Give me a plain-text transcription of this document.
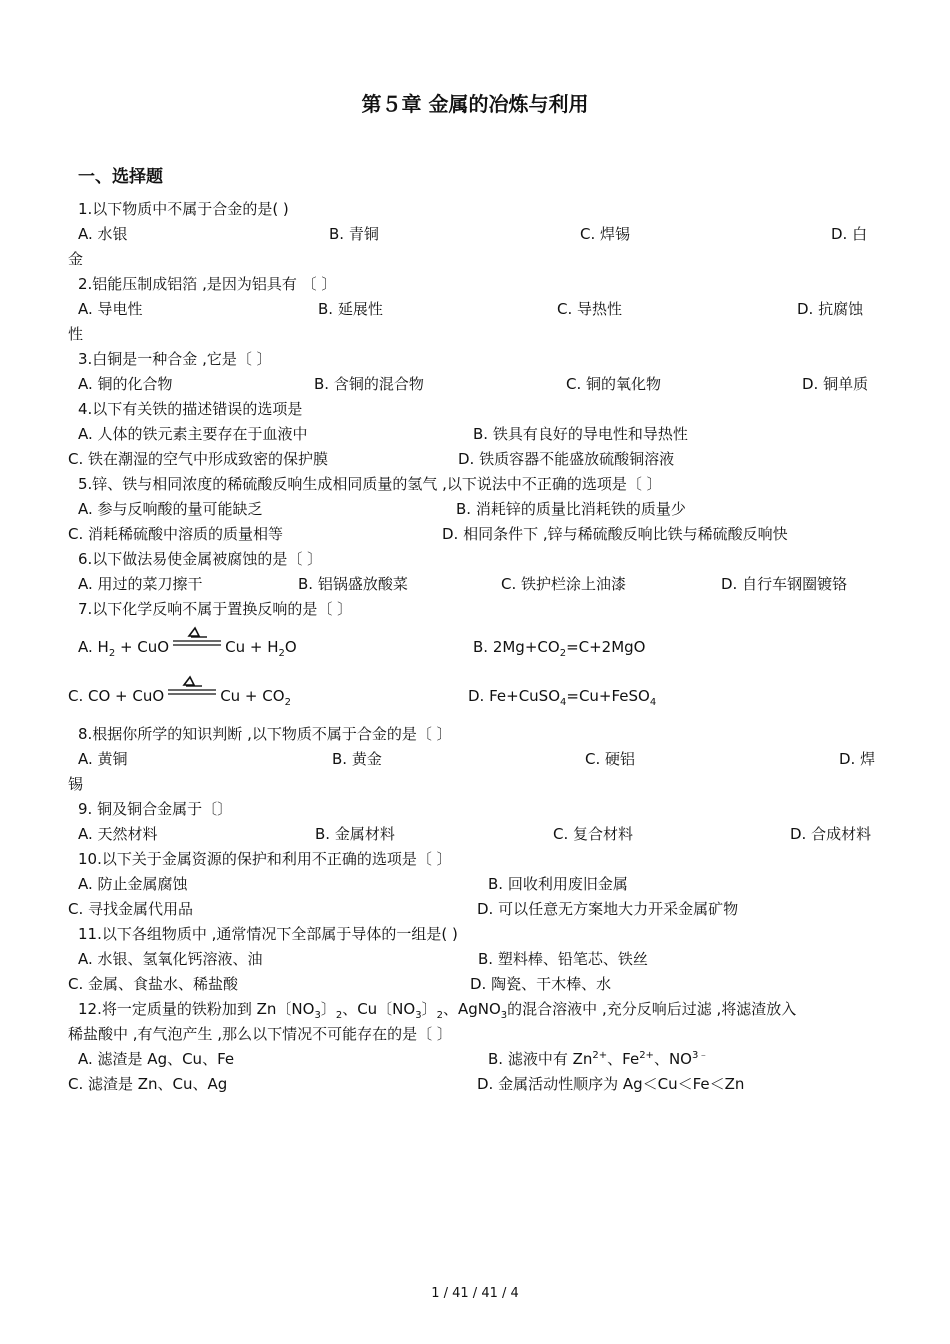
第５章 金属的冶炼与利用
一、选择题
1.以下物质中不属于合金的是( )
A. 水银	B. 青铜	C. 焊锡	D. 白
金
2.铝能压制成铝箔 ,是因为铝具有 〔 〕
A. 导电性	B. 延展性	C. 导热性	D. 抗腐蚀
性
3.白铜是一种合金 ,它是〔 〕
A. 铜的化合物	B. 含铜的混合物	C. 铜的氧化物	D. 铜单质
4.以下有关铁的描述错误的选项是
A. 人体的铁元素主要存在于血液中	B. 铁具有良好的导电性和导热性
C. 铁在潮湿的空气中形成致密的保护膜	D. 铁质容器不能盛放硫酸铜溶液
5.锌、铁与相同浓度的稀硫酸反响生成相同质量的氢气 ,以下说法中不正确的选项是〔 〕
A. 参与反响酸的量可能缺乏	B. 消耗锌的质量比消耗铁的质量少
C. 消耗稀硫酸中溶质的质量相等	D. 相同条件下 ,锌与稀硫酸反响比铁与稀硫酸反响快
6.以下做法易使金属被腐蚀的是〔 〕
A. 用过的菜刀擦干	B. 铝锅盛放酸菜	C. 铁护栏涂上油漆	D. 自行车钢圈镀铬
7.以下化学反响不属于置换反响的是〔 〕
A. $H_2$ + CuO	$Cu + H_2O$	B. $2Mg+CO_2=C+2MgO$
C. CO + CuO	$Cu + CO_2$	D. Fe+CuSO$_4$=Cu+FeSO$_4$
8.根据你所学的知识判断 ,以下物质不属于合金的是〔 〕
A. 黄铜	B. 黄金	C. 硬铝	D. 焊
锡
9. 铜及铜合金属于〔〕
A. 天然材料	B. 金属材料	C. 复合材料	D. 合成材料
10.以下关于金属资源的保护和利用不正确的选项是〔 〕
A. 防止金属腐蚀	B. 回收利用废旧金属
C. 寻找金属代用品	D. 可以任意无方案地大力开采金属矿物
11.以下各组物质中 ,通常情况下全部属于导体的一组是( )
A. 水银、氢氧化钙溶液、油	B. 塑料棒、铅笔芯、铁丝
C. 金属、食盐水、稀盐酸	D. 陶瓷、干木棒、水
12.将一定质量的铁粉加到 Zn〔$NO_3$〕$_2$、Cu〔$NO_3$〕$_2$、AgNO$_3$的混合溶液中 ,充分反响后过滤 ,将滤渣放入
稀盐酸中 ,有气泡产生 ,那么以下情况不可能存在的是〔 〕
A. 滤渣是 Ag、Cu、Fe	B. 滤液中有 $Zn^{2+}$、$Fe^{2+}$、$NO^{3﹣}$
C. 滤渣是 Zn、Cu、Ag	D. 金属活动性顺序为 Ag＜Cu＜Fe＜Zn
1 / 41 / 41 / 4
